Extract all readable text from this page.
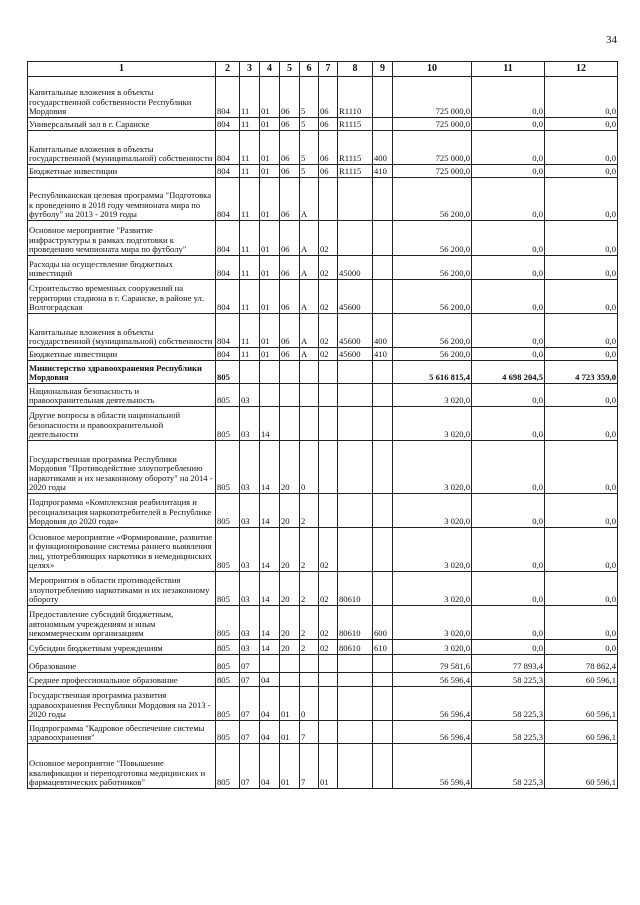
34
1	2	3	4	5	6	7	8	9	10	11	12
Капитальные вложения в объекты государственной собственности Республики Мордовия	804	11	01	06	5	06	R1110		725 000,0	0,0	0,0
Универсальный зал в г. Саранске	804	11	01	06	5	06	R1115		725 000,0	0,0	0,0
Капитальные вложения в объекты государственной (муниципальной) собственности	804	11	01	06	5	06	R1115	400	725 000,0	0,0	0,0
Бюджетные инвестиции	804	11	01	06	5	06	R1115	410	725 000,0	0,0	0,0
Республиканская целевая программа "Подготовка к проведению в 2018 году чемпионата мира по футболу" на 2013 - 2019 годы	804	11	01	06	А				56 200,0	0,0	0,0
Основное мероприятие "Развитие инфраструктуры в рамках подготовки к проведению чемпионата мира по футболу"	804	11	01	06	А	02			56 200,0	0,0	0,0
Расходы на осуществление бюджетных инвестиций	804	11	01	06	А	02	45000		56 200,0	0,0	0,0
Строительство временных сооружений на территории стадиона в г. Саранске, в районе ул. Волгоградская	804	11	01	06	А	02	45600		56 200,0	0,0	0,0
Капитальные вложения в объекты государственной (муниципальной) собственности	804	11	01	06	А	02	45600	400	56 200,0	0,0	0,0
Бюджетные инвестиции	804	11	01	06	А	02	45600	410	56 200,0	0,0	0,0
Министерство здравоохранения Республики Мордовия	805								5 616 815,4	4 698 204,5	4 723 359,0
Национальная безопасность и правоохранительная деятельность	805	03							3 020,0	0,0	0,0
Другие вопросы в области национальной безопасности и правоохранительной деятельности	805	03	14						3 020,0	0,0	0,0
Государственная программа Республики Мордовия "Противодействие злоупотреблению наркотиками и их незаконному обороту" на 2014 - 2020 годы	805	03	14	20	0				3 020,0	0,0	0,0
Подпрограмма «Комплексная реабилитация и ресоциализация наркопотребителей в Республике Мордовия до 2020 года»	805	03	14	20	2				3 020,0	0,0	0,0
Основное мероприятие «Формирование, развитие и функционирование системы раннего выявления лиц, употребляющих наркотики в немедицинских целях»	805	03	14	20	2	02			3 020,0	0,0	0,0
Мероприятия в области противодействия злоупотреблению наркотиками и их незаконному обороту	805	03	14	20	2	02	80610		3 020,0	0,0	0,0
Предоставление субсидий бюджетным, автономным учреждениям и иным некоммерческим организациям	805	03	14	20	2	02	80610	600	3 020,0	0,0	0,0
Субсидии бюджетным учреждениям	805	03	14	20	2	02	80610	610	3 020,0	0,0	0,0
Образование	805	07							79 581,6	77 893,4	78 862,4
Среднее профессиональное образование	805	07	04						56 596,4	58 225,3	60 596,1
Государственная программа развития здравоохранения Республики Мордовия на 2013 - 2020 годы	805	07	04	01	0				56 596,4	58 225,3	60 596,1
Подпрограмма "Кадровое обеспечение системы здравоохранения"	805	07	04	01	7				56 596,4	58 225,3	60 596,1
Основное мероприятие "Повышение квалификации и переподготовка медицинских и фармацевтических работников"	805	07	04	01	7	01			56 596,4	58 225,3	60 596,1
